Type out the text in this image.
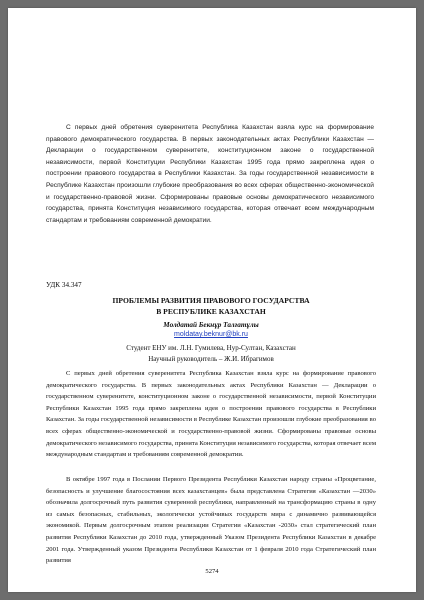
С первых дней обретения суверенитета Республика Казахстан взяла курс на формирование правового демократического государства. В первых законодательных актах Республики Казахстан — Декларации о государственном суверенитете, конституционном законе о государственной независимости, первой Конституции Республики Казахстан 1995 года прямо закреплена идея о построении правового государства в Республики Казахстан. За годы государственной независимости в Республике Казахстан произошли глубокие преобразования во всех сферах общественно-экономической и государственно-правовой жизни. Сформированы правовые основы демократического независимого государства, принята Конституция независимого государства, которая отвечает всем международным стандартам и требованиям современной демократии.
УДК 34.347
ПРОБЛЕМЫ РАЗВИТИЯ ПРАВОВОГО ГОСУДАРСТВА
В РЕСПУБЛИКЕ КАЗАХСТАН
Молдатай Бекнұр Талғатұлы
moldatay.beknur@bk.ru
Студент ЕНУ им. Л.Н. Гумилева, Нур-Султан, Казахстан
Научный руководитель – Ж.И. Ибрагимов
С первых дней обретения суверенитета Республика Казахстан взяла курс на формирование правового демократического государства. В первых законодательных актах Республики Казахстан — Декларации о государственном суверенитете, конституционном законе о государственной независимости, первой Конституции Республики Казахстан 1995 года прямо закреплена идея о построении правового государства в Республики Казахстан. За годы государственной независимости в Республике Казахстан произошли глубокие преобразования во всех сферах общественно-экономической и государственно-правовой жизни. Сформированы правовые основы демократического независимого государства, принята Конституция независимого государства, которая отвечает всем международным стандартам и требованиям современной демократии.
В октябре 1997 года в Послании Первого Президента Республики Казахстан народу страны «Процветание, безопасность и улучшение благосостояния всех казахстанцев» была представлена Стратегия «Казахстан —2030» обозначила долгосрочный путь развития суверенной республики, направленный на трансформацию страны в одну из самых безопасных, стабильных, экологически устойчивых государств мира с динамично развивающейся экономикой. Первым долгосрочным этапом реализации Стратегии «Казахстан -2030» стал стратегический план развития Республики Казахстан до 2010 года, утвержденный Указом Президента Республики Казахстан в декабре 2001 года. Утвержденный указом Президента Республики Казахстан от 1 февраля 2010 года Стратегический план развития
5274
